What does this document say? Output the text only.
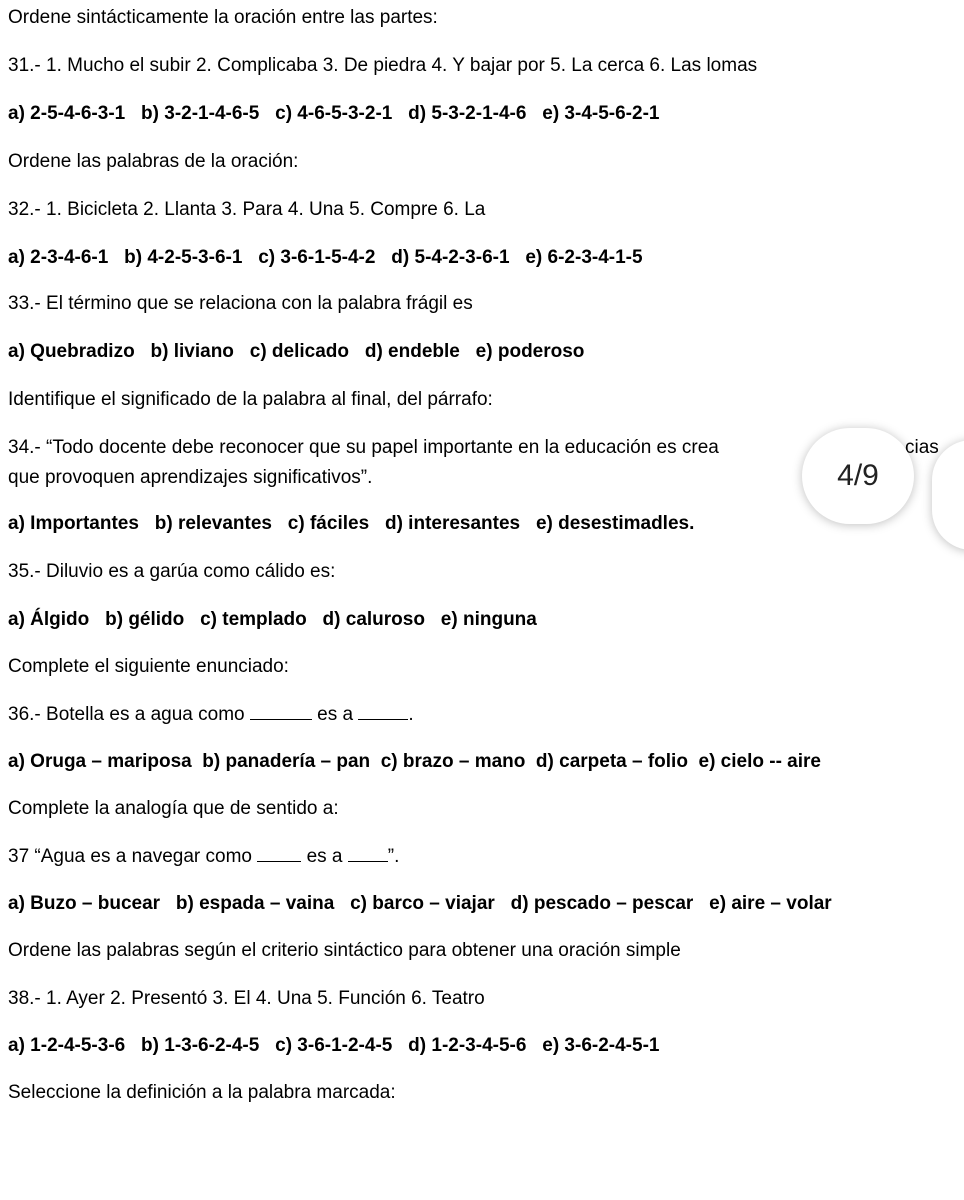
Ordene sintácticamente la oración entre las partes:
31.- 1. Mucho el subir 2. Complicaba 3. De piedra 4. Y bajar por 5. La cerca 6. Las lomas
a) 2-5-4-6-3-1   b) 3-2-1-4-6-5   c) 4-6-5-3-2-1   d) 5-3-2-1-4-6   e) 3-4-5-6-2-1
Ordene las palabras de la oración:
32.- 1. Bicicleta 2. Llanta 3. Para 4. Una 5. Compre 6. La
a) 2-3-4-6-1   b) 4-2-5-3-6-1   c) 3-6-1-5-4-2   d) 5-4-2-3-6-1   e) 6-2-3-4-1-5
33.- El término que se relaciona con la palabra frágil es
a) Quebradizo   b) liviano   c) delicado   d) endeble   e) poderoso
Identifique el significado de la palabra al final, del párrafo:
34.- “Todo docente debe reconocer que su papel importante en la educación es crea	cias
que provoquen aprendizajes significativos”.
a) Importantes   b) relevantes   c) fáciles   d) interesantes   e) desestimadles.
35.- Diluvio es a garúa como cálido es:
a) Álgido   b) gélido   c) templado   d) caluroso   e) ninguna
Complete el siguiente enunciado:
36.- Botella es a agua como	es a	.
a) Oruga – mariposa  b) panadería – pan  c) brazo – mano  d) carpeta – folio  e) cielo -- aire
Complete la analogía que de sentido a:
37 “Agua es a navegar como	es a ”.
a) Buzo – bucear   b) espada – vaina   c) barco – viajar   d) pescado – pescar   e) aire – volar
Ordene las palabras según el criterio sintáctico para obtener una oración simple
38.- 1. Ayer 2. Presentó 3. El 4. Una 5. Función 6. Teatro
a) 1-2-4-5-3-6   b) 1-3-6-2-4-5   c) 3-6-1-2-4-5   d) 1-2-3-4-5-6   e) 3-6-2-4-5-1
Seleccione la definición a la palabra marcada:
4/9
